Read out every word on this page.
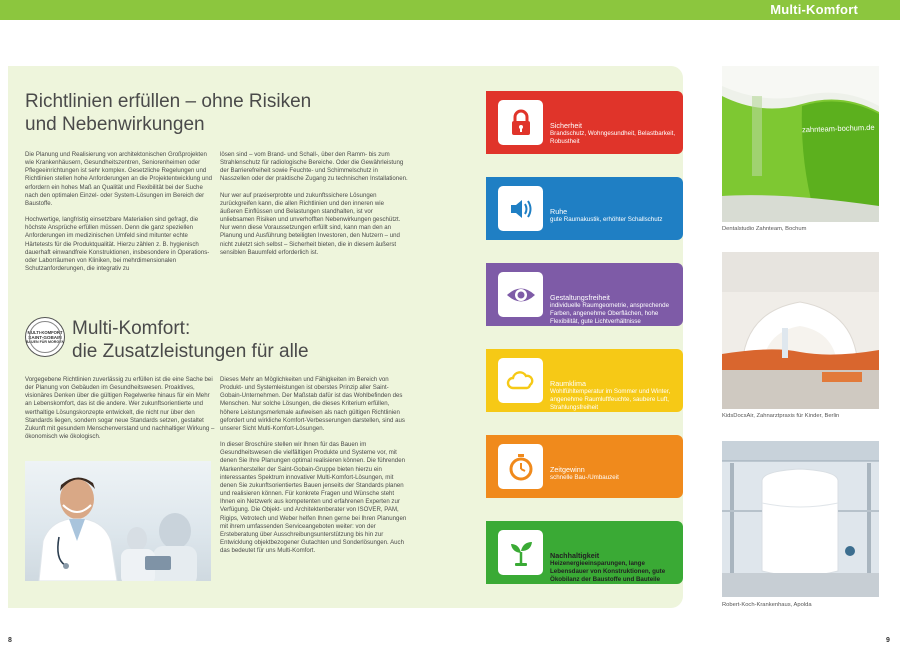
Multi-Komfort
Richtlinien erfüllen – ohne Risiken
und Nebenwirkungen

Die Planung und Realisierung von architektonischen Großprojekten wie Krankenhäusern, Gesundheitszentren, Seniorenheimen oder Pflegeeinrichtungen ist sehr komplex. Gesetzliche Regelungen und Richtlinien stellen hohe Anforderungen an die Projektentwicklung und erfordern ein hohes Maß an Qualität und Flexibilität bei der Suche nach den optimalen Einzel- oder System-Lösungen im Bereich der Baustoffe.

Hochwertige, langfristig einsetzbare Materialien sind gefragt, die höchste Ansprüche erfüllen müssen. Denn die ganz speziellen Anforderungen im medizinischen Umfeld sind mitunter echte Härtetests für die Produktqualität. Hierzu zählen z. B. hygienisch dauerhaft einwandfreie Konstruktionen, insbesondere in Operations- oder Laborräumen von Kliniken, bei mehrdimensionalen Schutzanforderungen, die integrativ zu

lösen sind – vom Brand- und Schall-, über den Ramm- bis zum Strahlenschutz für radiologische Bereiche. Oder die Gewährleistung der Barrierefreiheit sowie Feuchte- und Schimmelschutz in Nasszellen oder der praktische Zugang zu technischen Installationen.

Nur wer auf praxiserprobte und zukunftssichere Lösungen zurückgreifen kann, die allen Richtlinien und den inneren wie äußeren Einflüssen und Belastungen standhalten, ist vor unliebsamen Risiken und unverhofften Nebenwirkungen geschützt. Nur wenn diese Voraussetzungen erfüllt sind, kann man den an Planung und Ausführung beteiligten Investoren, den Nutzern – und nicht zuletzt sich selbst – Sicherheit bieten, die in diesem äußerst sensiblen Bauumfeld erforderlich ist.

MULTI-KOMFORT
SAINT-GOBAIN
BAUEN FÜR MORGEN
Multi-Komfort:
die Zusatzleistungen für alle

Vorgegebene Richtlinien zuverlässig zu erfüllen ist die eine Sache bei der Planung von Gebäuden im Gesundheitswesen. Proaktives, visionäres Denken über die gültigen Regelwerke hinaus für ein Mehr an Lebenskomfort, das ist die andere. Wer zukunftsorientierte und werthaltige Lösungskonzepte entwickelt, die nicht nur über den Standards liegen, sondern sogar neue Standards setzen, gestaltet Zukunft mit gesundem Menschenverstand und nachhaltiger Wirkung – ökonomisch wie ökologisch.

Dieses Mehr an Möglichkeiten und Fähigkeiten im Bereich von Produkt- und Systemleistungen ist oberstes Prinzip aller Saint-Gobain-Unternehmen. Der Maßstab dafür ist das Wohlbefinden des Menschen. Nur solche Lösungen, die dieses Kriterium erfüllen, höhere Leistungsmerkmale aufweisen als nach gültigen Richtlinien gefordert und wirkliche Komfort-Verbesserungen darstellen, sind aus unserer Sicht Multi-Komfort-Lösungen.

In dieser Broschüre stellen wir Ihnen für das Bauen im Gesundheitswesen die vielfältigen Produkte und Systeme vor, mit denen Sie Ihre Planungen optimal realisieren können. Die führenden Markenhersteller der Saint-Gobain-Gruppe bieten hierzu ein interessantes Spektrum innovativer Multi-Komfort-Lösungen, mit denen Sie zukunftsorientiertes Bauen jenseits der Standards planen und realisieren können. Für konkrete Fragen und Wünsche steht Ihnen ein Netzwerk aus kompetenten und erfahrenen Experten zur Verfügung. Die Objekt- und Architektenberater von ISOVER, PAM, Rigips, Vetrotech und Weber helfen Ihnen gerne bei Ihren Planungen mit ihrem umfassenden Serviceangeboten weiter: von der Ersteberatung über Ausschreibungsunterstützung bis hin zur Entwicklung objektbezogener Gutachten und Sonderlösungen. Auch das bedeutet für uns Multi-Komfort.

Sicherheit
Brandschutz, Wohngesundheit, Belastbarkeit, Robustheit
Ruhe
gute Raumakustik, erhöhter Schallschutz
Gestaltungsfreiheit
individuelle Raumgeometrie, ansprechende Farben, angenehme Oberflächen, hohe Flexibilität, gute Lichtverhältnisse
Raumklima
Wohlfühltemperatur im Sommer und Winter, angenehme Raumluftfeuchte, saubere Luft, Strahlungsfreiheit
Zeitgewinn
schnelle Bau-/Umbauzeit
Nachhaltigkeit
Heizenergieeinsparungen, lange Lebensdauer von Konstruktionen, gute Ökobilanz der Baustoffe und Bauteile
zahnteam-bochum.de
Dentalstudio Zahnteam, Bochum
KidsDocsAir, Zahnarztpraxis für Kinder, Berlin
Robert-Koch-Krankenhaus, Apolda
8	9
